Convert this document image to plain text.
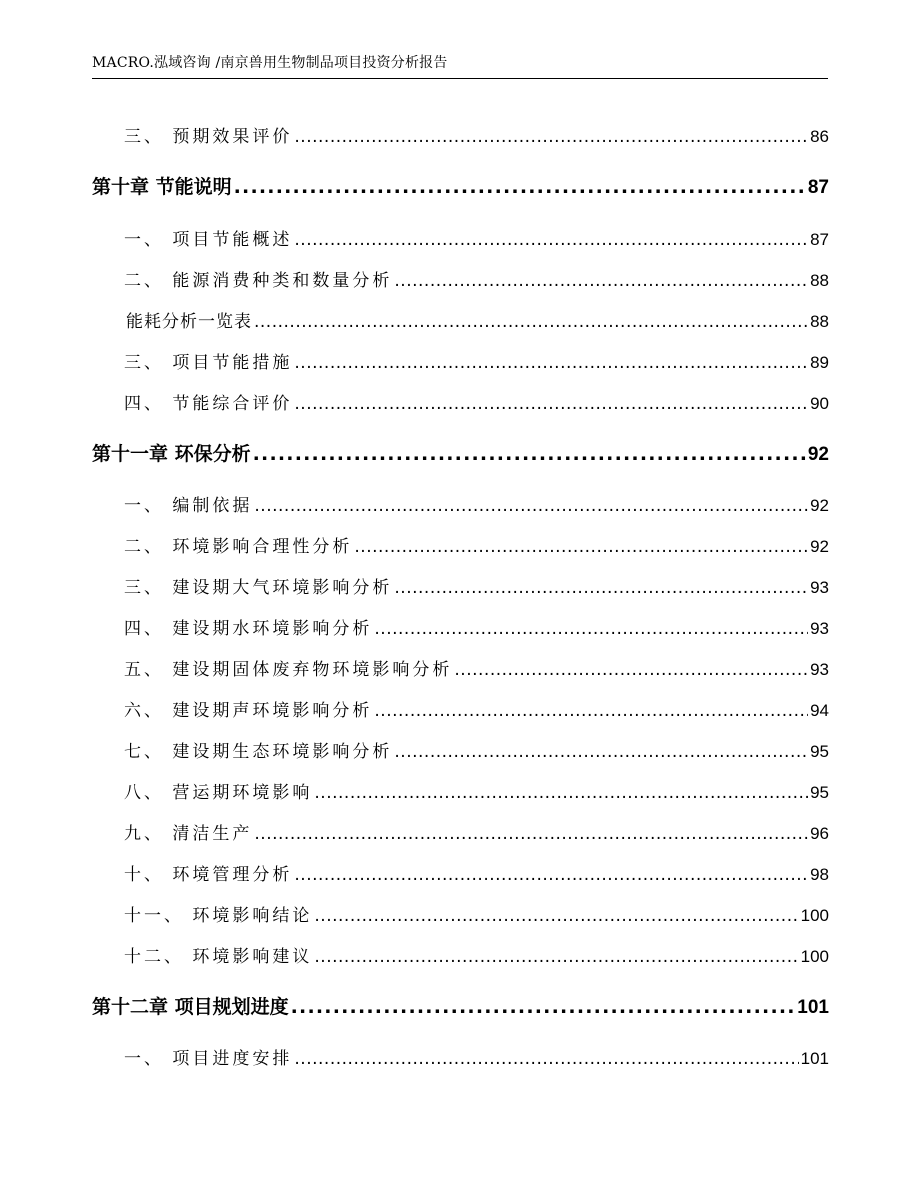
MACRO.泓域咨询 /南京兽用生物制品项目投资分析报告
三、 预期效果评价 .....	86
第十章 节能说明 .....	87
一、 项目节能概述 .....	87
二、 能源消费种类和数量分析 .....	88
能耗分析一览表 .....	88
三、 项目节能措施 .....	89
四、 节能综合评价 .....	90
第十一章 环保分析 .....	92
一、 编制依据 .....	92
二、 环境影响合理性分析 .....	92
三、 建设期大气环境影响分析 .....	93
四、 建设期水环境影响分析 .....	93
五、 建设期固体废弃物环境影响分析 .....	93
六、 建设期声环境影响分析 .....	94
七、 建设期生态环境影响分析 .....	95
八、 营运期环境影响 .....	95
九、 清洁生产 .....	96
十、 环境管理分析 .....	98
十一、 环境影响结论 .....	100
十二、 环境影响建议 .....	100
第十二章 项目规划进度 .....	101
一、 项目进度安排 .....	101
